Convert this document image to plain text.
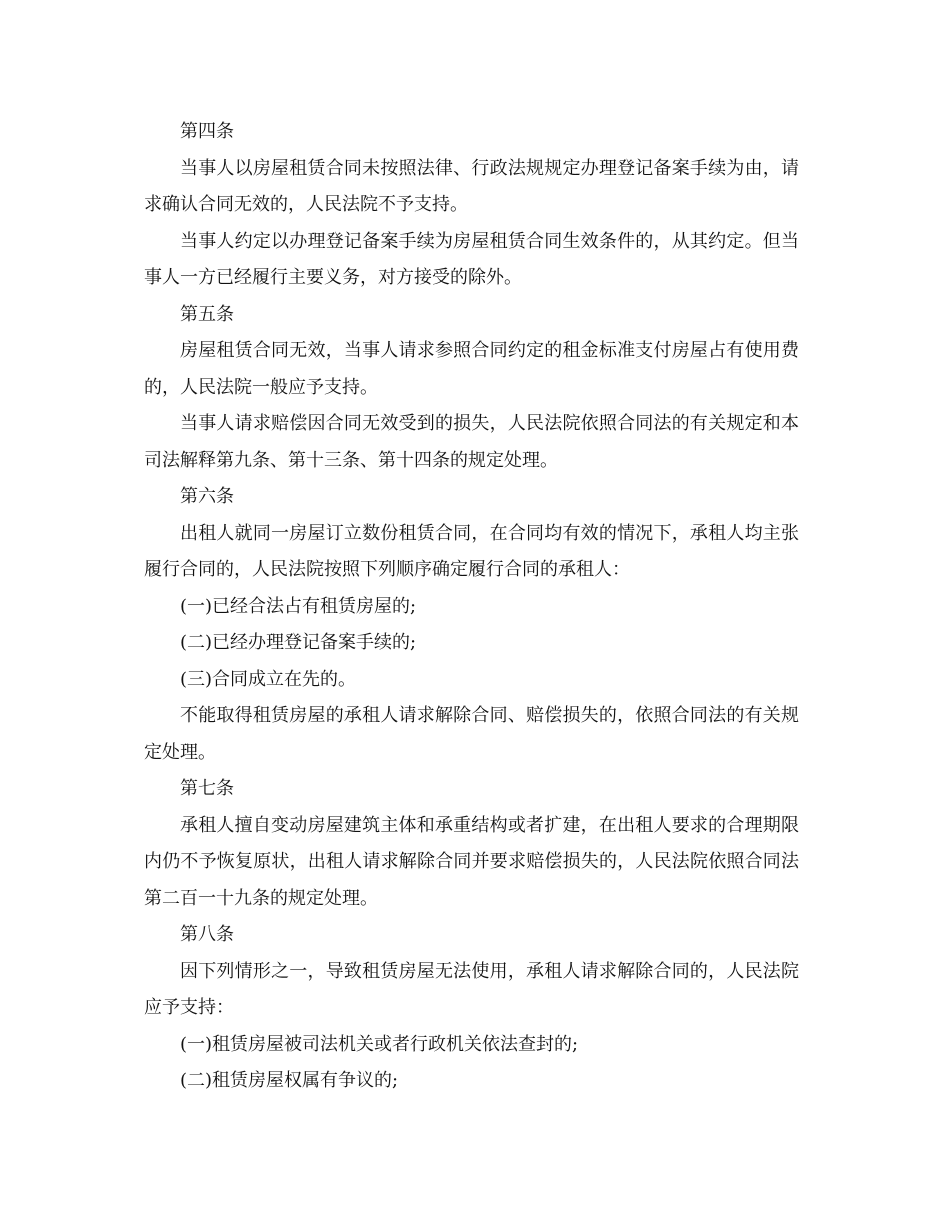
第四条

当事人以房屋租赁合同未按照法律、行政法规规定办理登记备案手续为由，请求确认合同无效的，人民法院不予支持。

当事人约定以办理登记备案手续为房屋租赁合同生效条件的，从其约定。但当事人一方已经履行主要义务，对方接受的除外。

第五条

房屋租赁合同无效，当事人请求参照合同约定的租金标准支付房屋占有使用费的，人民法院一般应予支持。

当事人请求赔偿因合同无效受到的损失，人民法院依照合同法的有关规定和本司法解释第九条、第十三条、第十四条的规定处理。

第六条

出租人就同一房屋订立数份租赁合同，在合同均有效的情况下，承租人均主张履行合同的，人民法院按照下列顺序确定履行合同的承租人：

(一)已经合法占有租赁房屋的;

(二)已经办理登记备案手续的;

(三)合同成立在先的。

不能取得租赁房屋的承租人请求解除合同、赔偿损失的，依照合同法的有关规定处理。

第七条

承租人擅自变动房屋建筑主体和承重结构或者扩建，在出租人要求的合理期限内仍不予恢复原状，出租人请求解除合同并要求赔偿损失的，人民法院依照合同法第二百一十九条的规定处理。

第八条

因下列情形之一，导致租赁房屋无法使用，承租人请求解除合同的，人民法院应予支持：

(一)租赁房屋被司法机关或者行政机关依法查封的;

(二)租赁房屋权属有争议的;
